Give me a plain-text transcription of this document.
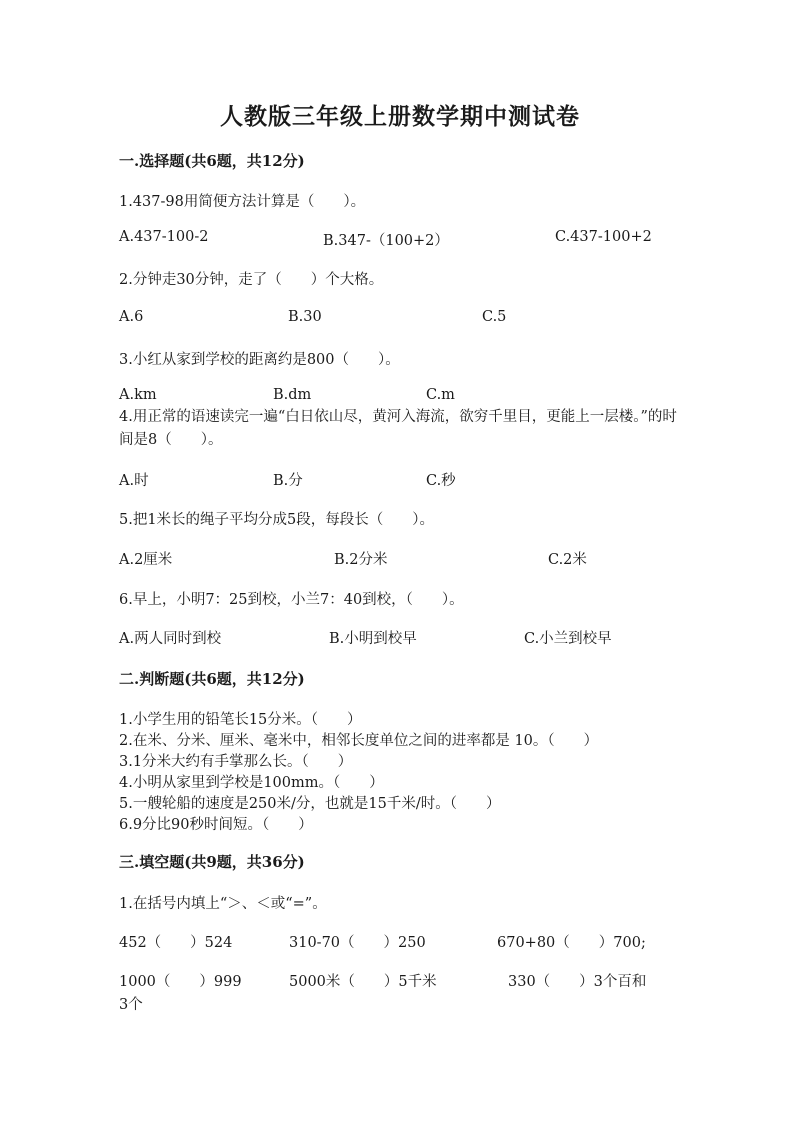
人教版三年级上册数学期中测试卷
一.选择题(共6题，共12分)
1.437-98用简便方法计算是（　　）。
A.437-100-2	B.347-（100+2）	C.437-100+2
2.分钟走30分钟，走了（　　）个大格。
A.6	B.30	C.5
3.小红从家到学校的距离约是800（　　）。
A.km	B.dm	C.m
4.用正常的语速读完一遍“白日依山尽，黄河入海流，欲穷千里目，更能上一层楼。”的时间是8（　　）。
A.时	B.分	C.秒
5.把1米长的绳子平均分成5段，每段长（　　）。
A.2厘米	B.2分米	C.2米
6.早上，小明7：25到校，小兰7：40到校，（　　）。
A.两人同时到校	B.小明到校早	C.小兰到校早
二.判断题(共6题，共12分)
1.小学生用的铅笔长15分米。（　　）
2.在米、分米、厘米、毫米中，相邻长度单位之间的进率都是 10。（　　）
3.1分米大约有手掌那么长。（　　）
4.小明从家里到学校是100mm。（　　）
5.一艘轮船的速度是250米/分，也就是15千米/时。（　　）
6.9分比90秒时间短。（　　）
三.填空题(共9题，共36分)
1.在括号内填上“＞、＜或“=”。
452（　　）524	310-70（　　）250	670+80（　　）700;
1000（　　）999	5000米（　　）5千米	330（　　）3个百和
3个
